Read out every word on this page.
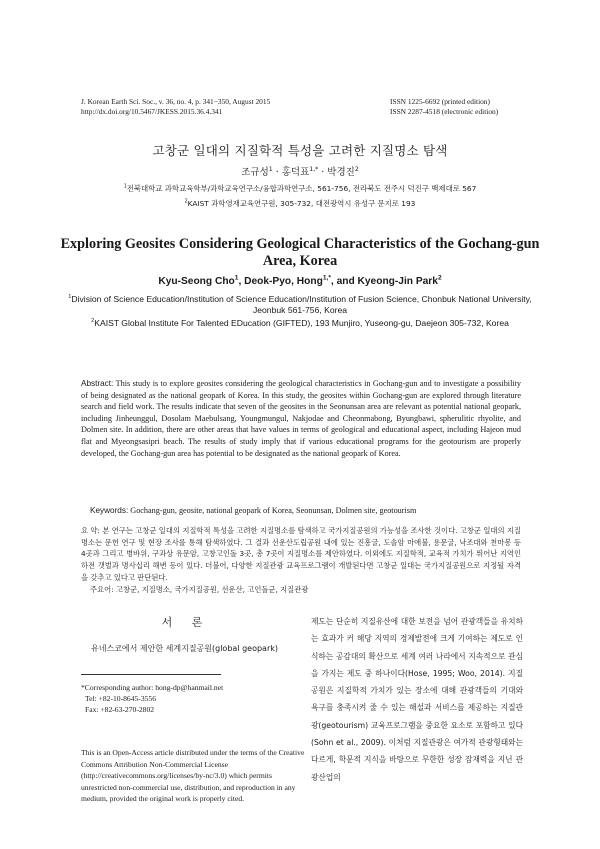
J. Korean Earth Sci. Soc., v. 36, no. 4, p. 341−350, August 2015
http://dx.doi.org/10.5467/JKESS.2015.36.4.341
ISSN 1225-6692 (printed edition)
ISSN 2287-4518 (electronic edition)
고창군 일대의 지질학적 특성을 고려한 지질명소 탐색
조규성$^1$ · 홍덕표$^{1,*}$ · 박경진$^2$
$^1$전북대학교 과학교육학부/과학교육연구소/융합과학연구소, 561-756, 전라북도 전주시 덕진구 백제대로 567
$^2$KAIST 과학영재교육연구원, 305-732, 대전광역시 유성구 문지로 193
Exploring Geosites Considering Geological Characteristics of the Gochang-gun Area, Korea
Kyu-Seong Cho$^1$, Deok-Pyo, Hong$^{1,*}$, and Kyeong-Jin Park$^2$
$^1$Division of Science Education/Institution of Science Education/Institution of Fusion Science, Chonbuk National University, Jeonbuk 561-756, Korea
$^2$KAIST Global Institute For Talented EDucation (GIFTED), 193 Munjiro, Yuseong-gu, Daejeon 305-732, Korea
Abstract: This study is to explore geosites considering the geological characteristics in Gochang-gun and to investigate a possibility of being designated as the national geopark of Korea. In this study, the geosites within Gochang-gun are explored through literature search and field work. The results indicate that seven of the geosites in the Seonunsan area are relevant as potential national geopark, including Jinheunggul, Dosolam Maebulsang, Youngmungul, Nakjodae and Cheonmabong, Byungbawi, spherulitic rhyolite, and Dolmen site. In addition, there are other areas that have values in terms of geological and educational aspect, including Hajeon mud flat and Myeongsasipri beach. The results of study imply that if various educational programs for the geotourism are properly developed, the Gochang-gun area has potential to be designated as the national geopark of Korea.
Keywords: Gochang-gun, geosite, national geopark of Korea, Seonunsan, Dolmen site, geotourism
요 약: 본 연구는 고창군 일대의 지질학적 특성을 고려한 지질명소를 탐색하고 국가지질공원의 가능성을 조사한 것이다. 고창군 일대의 지질명소는 문헌 연구 및 현장 조사를 통해 탐색하였다. 그 결과 선운산도립공원 내에 있는 진흥굴, 도솔암 마애불, 용문굴, 낙조대와 천마봉 등 4곳과 그리고 병바위, 구과상 유문암, 고창고인돌 3곳, 총 7곳이 지질명소를 제안하였다. 이외에도 지질학적, 교육적 가치가 뛰어난 지역인 하전 갯벌과 명사십리 해변 등이 있다. 더불어, 다양한 지질관광 교육프로그램이 개발된다면 고창군 일대는 국가지질공원으로 지정될 자격을 갖추고 있다고 판단된다.
주요어: 고창군, 지질명소, 국가지질공원, 선운산, 고인돌군, 지질관광
서 론
유네스코에서 제안한 세계지질공원(global geopark)
*Corresponding author: hong-dp@hanmail.net
Tel: +82-10-8645-3556
Fax: +82-63-270-2802
This is an Open-Access article distributed under the terms of the Creative Commons Attribution Non-Commercial License (http://creativecommons.org/licenses/by-nc/3.0) which permits unrestricted non-commercial use, distribution, and reproduction in any medium, provided the original work is properly cited.
제도는 단순히 지질유산에 대한 보전을 넘어 관광객들을 유치하는 효과가 커 해당 지역의 경제발전에 크게 기여하는 제도로 인식하는 공감대의 확산으로 세계 여러 나라에서 지속적으로 관심을 가지는 제도 중 하나이다(Hose, 1995; Woo, 2014). 지질공원은 지질학적 가치가 있는 장소에 대해 관광객들의 기대와 욕구를 충족시켜 줄 수 있는 해설과 서비스를 제공하는 지질관광(geotourism) 교육프로그램을 중요한 요소로 포함하고 있다(Sohn et al., 2009). 이처럼 지질관광은 여가적 관광형태와는 다르게, 학문적 지식을 바탕으로 무한한 성장 잠재력을 지닌 관광산업의
